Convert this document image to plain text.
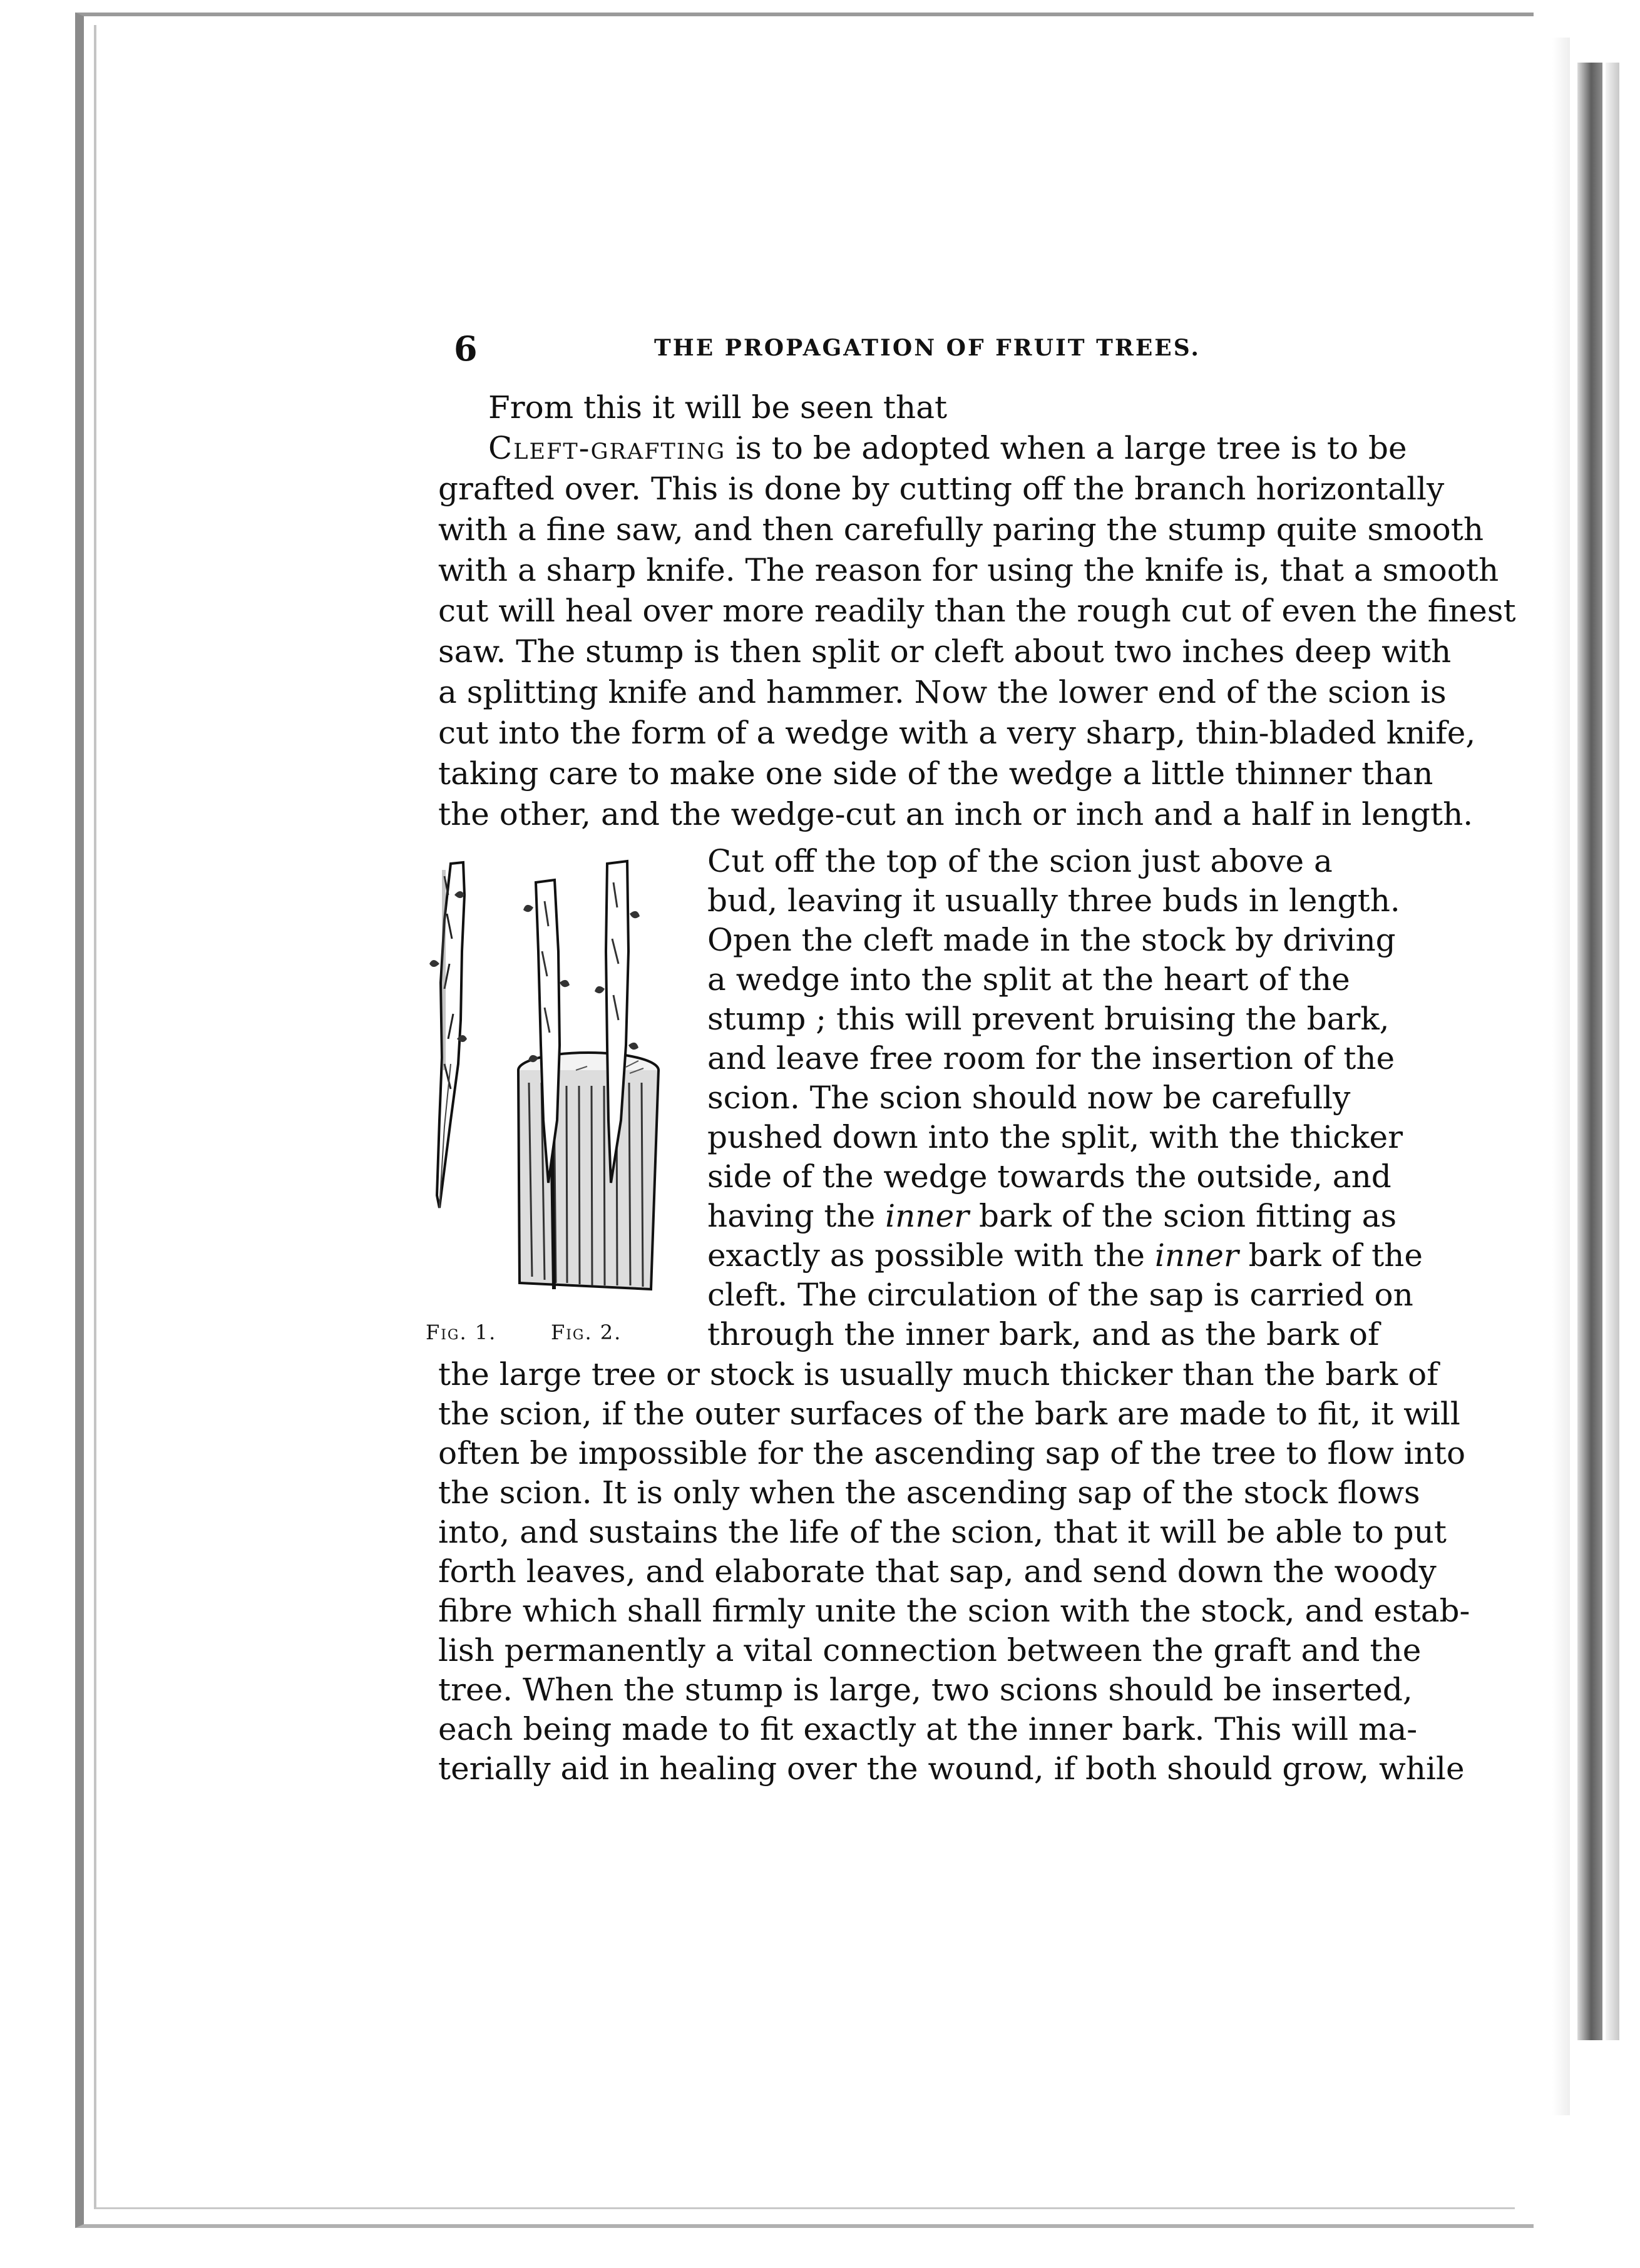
6	THE PROPAGATION OF FRUIT TREES.
From this it will be seen that
Cleft-grafting is to be adopted when a large tree is to be
grafted over. This is done by cutting off the branch horizontally
with a fine saw, and then carefully paring the stump quite smooth
with a sharp knife. The reason for using the knife is, that a smooth
cut will heal over more readily than the rough cut of even the finest
saw. The stump is then split or cleft about two inches deep with
a splitting knife and hammer. Now the lower end of the scion is
cut into the form of a wedge with a very sharp, thin-bladed knife,
taking care to make one side of the wedge a little thinner than
the other, and the wedge-cut an inch or inch and a half in length.
Fig. 1.	Fig. 2.
Cut off the top of the scion just above a
bud, leaving it usually three buds in length.
Open the cleft made in the stock by driving
a wedge into the split at the heart of the
stump ; this will prevent bruising the bark,
and leave free room for the insertion of the
scion. The scion should now be carefully
pushed down into the split, with the thicker
side of the wedge towards the outside, and
having the inner bark of the scion fitting as
exactly as possible with the inner bark of the
cleft. The circulation of the sap is carried on
through the inner bark, and as the bark of
the large tree or stock is usually much thicker than the bark of
the scion, if the outer surfaces of the bark are made to fit, it will
often be impossible for the ascending sap of the tree to flow into
the scion. It is only when the ascending sap of the stock flows
into, and sustains the life of the scion, that it will be able to put
forth leaves, and elaborate that sap, and send down the woody
fibre which shall firmly unite the scion with the stock, and estab-
lish permanently a vital connection between the graft and the
tree. When the stump is large, two scions should be inserted,
each being made to fit exactly at the inner bark. This will ma-
terially aid in healing over the wound, if both should grow, while
